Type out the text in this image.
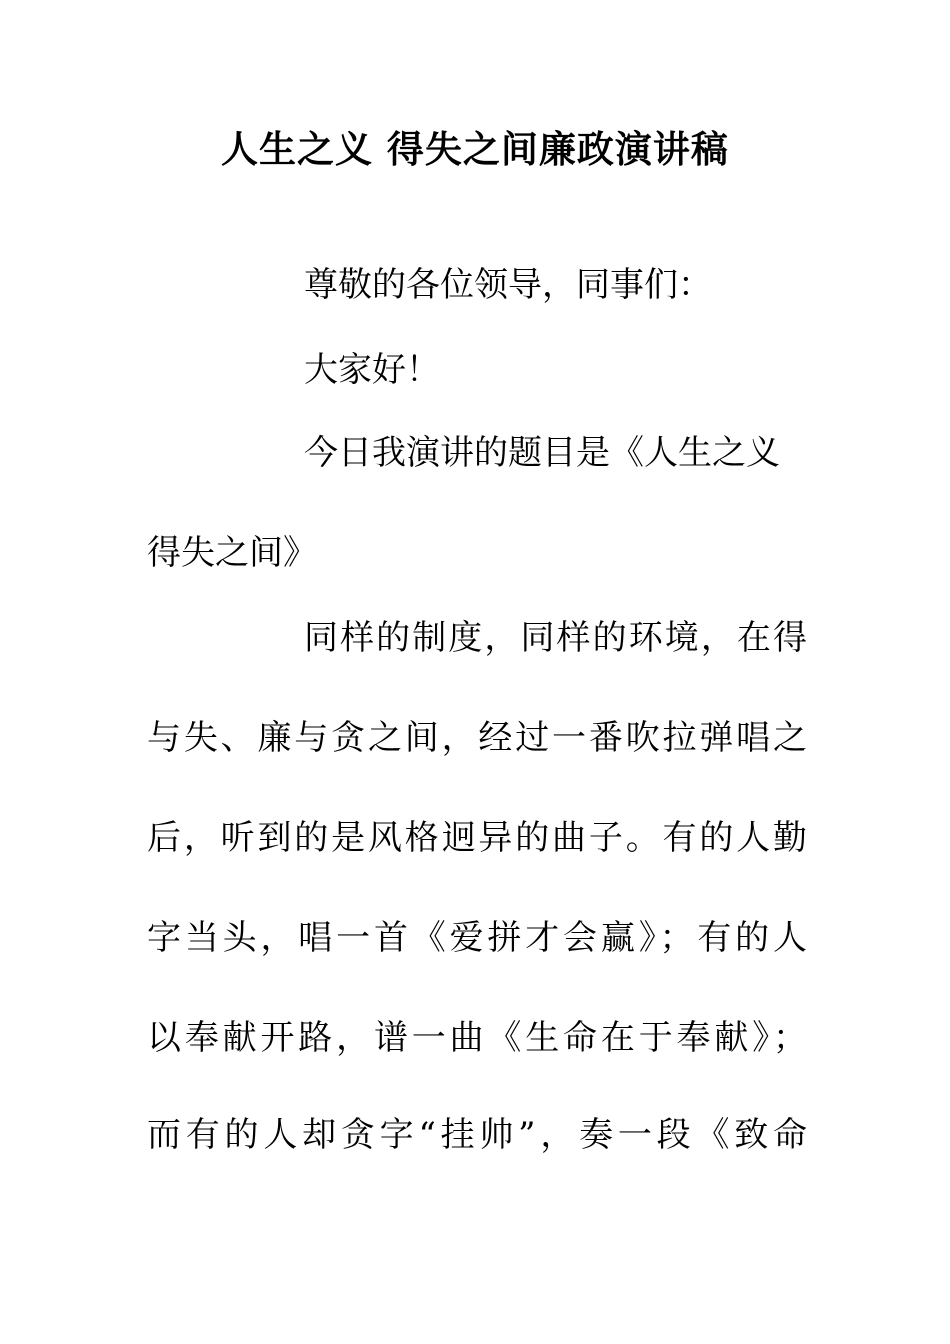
人生之义 得失之间廉政演讲稿

尊敬的各位领导，同事们：

大家好！

今日我演讲的题目是《人生之义

得失之间》

同样的制度，同样的环境，在得

与失、廉与贪之间，经过一番吹拉弹唱之

后，听到的是风格迥异的曲子。有的人勤

字当头，唱一首《爱拼才会赢》；有的人

以奉献开路，谱一曲《生命在于奉献》；

而有的人却贪字“挂帅”，奏一段《致命
